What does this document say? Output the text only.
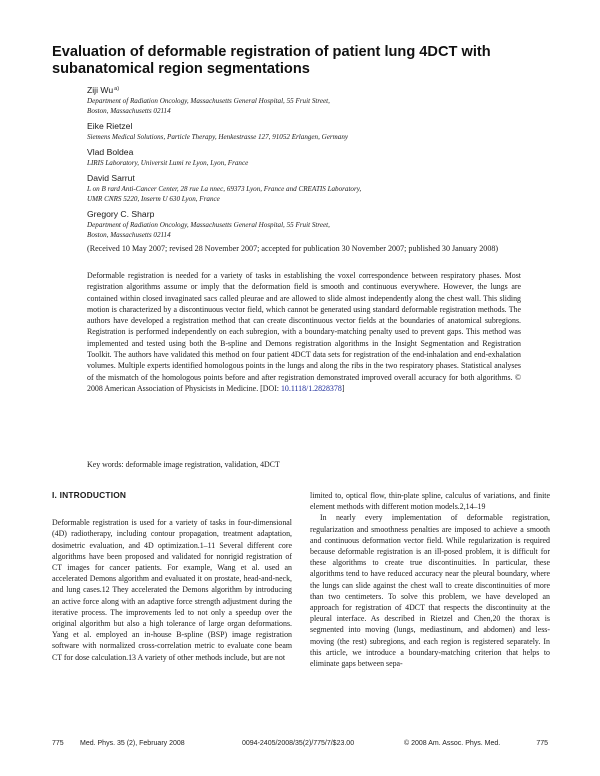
Evaluation of deformable registration of patient lung 4DCT with subanatomical region segmentations
Ziji Wu$^{a)}$
Department of Radiation Oncology, Massachusetts General Hospital, 55 Fruit Street,
Boston, Massachusetts 02114
Eike Rietzel
Siemens Medical Solutions, Particle Therapy, Henkestrasse 127, 91052 Erlangen, Germany
Vlad Boldea
LIRIS Laboratory, Universit Lumi re Lyon, Lyon, France
David Sarrut
L on B rard Anti-Cancer Center, 28 rue La nnec, 69373 Lyon, France and CREATIS Laboratory,
UMR CNRS 5220, Inserm U 630 Lyon, France
Gregory C. Sharp
Department of Radiation Oncology, Massachusetts General Hospital, 55 Fruit Street,
Boston, Massachusetts 02114
(Received 10 May 2007; revised 28 November 2007; accepted for publication 30 November 2007; published 30 January 2008)
Deformable registration is needed for a variety of tasks in establishing the voxel correspondence between respiratory phases. Most registration algorithms assume or imply that the deformation field is smooth and continuous everywhere. However, the lungs are contained within closed invaginated sacs called pleurae and are allowed to slide almost independently along the chest wall. This sliding motion is characterized by a discontinuous vector field, which cannot be generated using standard deformable registration methods. The authors have developed a registration method that can create discontinuous vector fields at the boundaries of anatomical subregions. Registration is performed independently on each subregion, with a boundary-matching penalty used to prevent gaps. This method was implemented and tested using both the B-spline and Demons registration algorithms in the Insight Segmentation and Registration Toolkit. The authors have validated this method on four patient 4DCT data sets for registration of the end-inhalation and end-exhalation volumes. Multiple experts identified homologous points in the lungs and along the ribs in the two respiratory phases. Statistical analyses of the mismatch of the homologous points before and after registration demonstrated improved overall accuracy for both algorithms. © 2008 American Association of Physicists in Medicine. [DOI: 10.1118/1.2828378]
Key words: deformable image registration, validation, 4DCT
I. INTRODUCTION

Deformable registration is used for a variety of tasks in four-dimensional (4D) radiotherapy, including contour propagation, treatment adaptation, dosimetric evaluation, and 4D optimization.1–11 Several different core algorithms have been proposed and validated for nonrigid registration of CT images for cancer patients. For example, Wang et al. used an accelerated Demons algorithm and evaluated it on prostate, head-and-neck, and lung cases.12 They accelerated the Demons algorithm by introducing an active force along with an adaptive force strength adjustment during the iterative process. The improvements led to not only a speedup over the original algorithm but also a high tolerance of large organ deformations. Yang et al. employed an in-house B-spline (BSP) image registration software with normalized cross-correlation metric to evaluate cone beam CT for dose calculation.13 A variety of other methods include, but are not

limited to, optical flow, thin-plate spline, calculus of variations, and finite element methods with different motion models.2,14–19

In nearly every implementation of deformable registration, regularization and smoothness penalties are imposed to achieve a smooth and continuous deformation vector field. While regularization is required because deformable registration is an ill-posed problem, it is difficult for these algorithms to create true discontinuities. In particular, these algorithms tend to have reduced accuracy near the pleural boundary, where the lungs can slide against the chest wall to create discontinuities of more than two centimeters. To solve this problem, we have developed an approach for registration of 4DCT that respects the discontinuity at the pleural interface. As described in Rietzel and Chen,20 the thorax is segmented into moving (lungs, mediastinum, and abdomen) and less-moving (the rest) subregions, and each region is registered separately. In this article, we introduce a boundary-matching criterion that helps to eliminate gaps between sepa-

775 Med. Phys. 35 (2), February 2008	0094-2405/2008/35(2)/775/7/$23.00	© 2008 Am. Assoc. Phys. Med.	775
